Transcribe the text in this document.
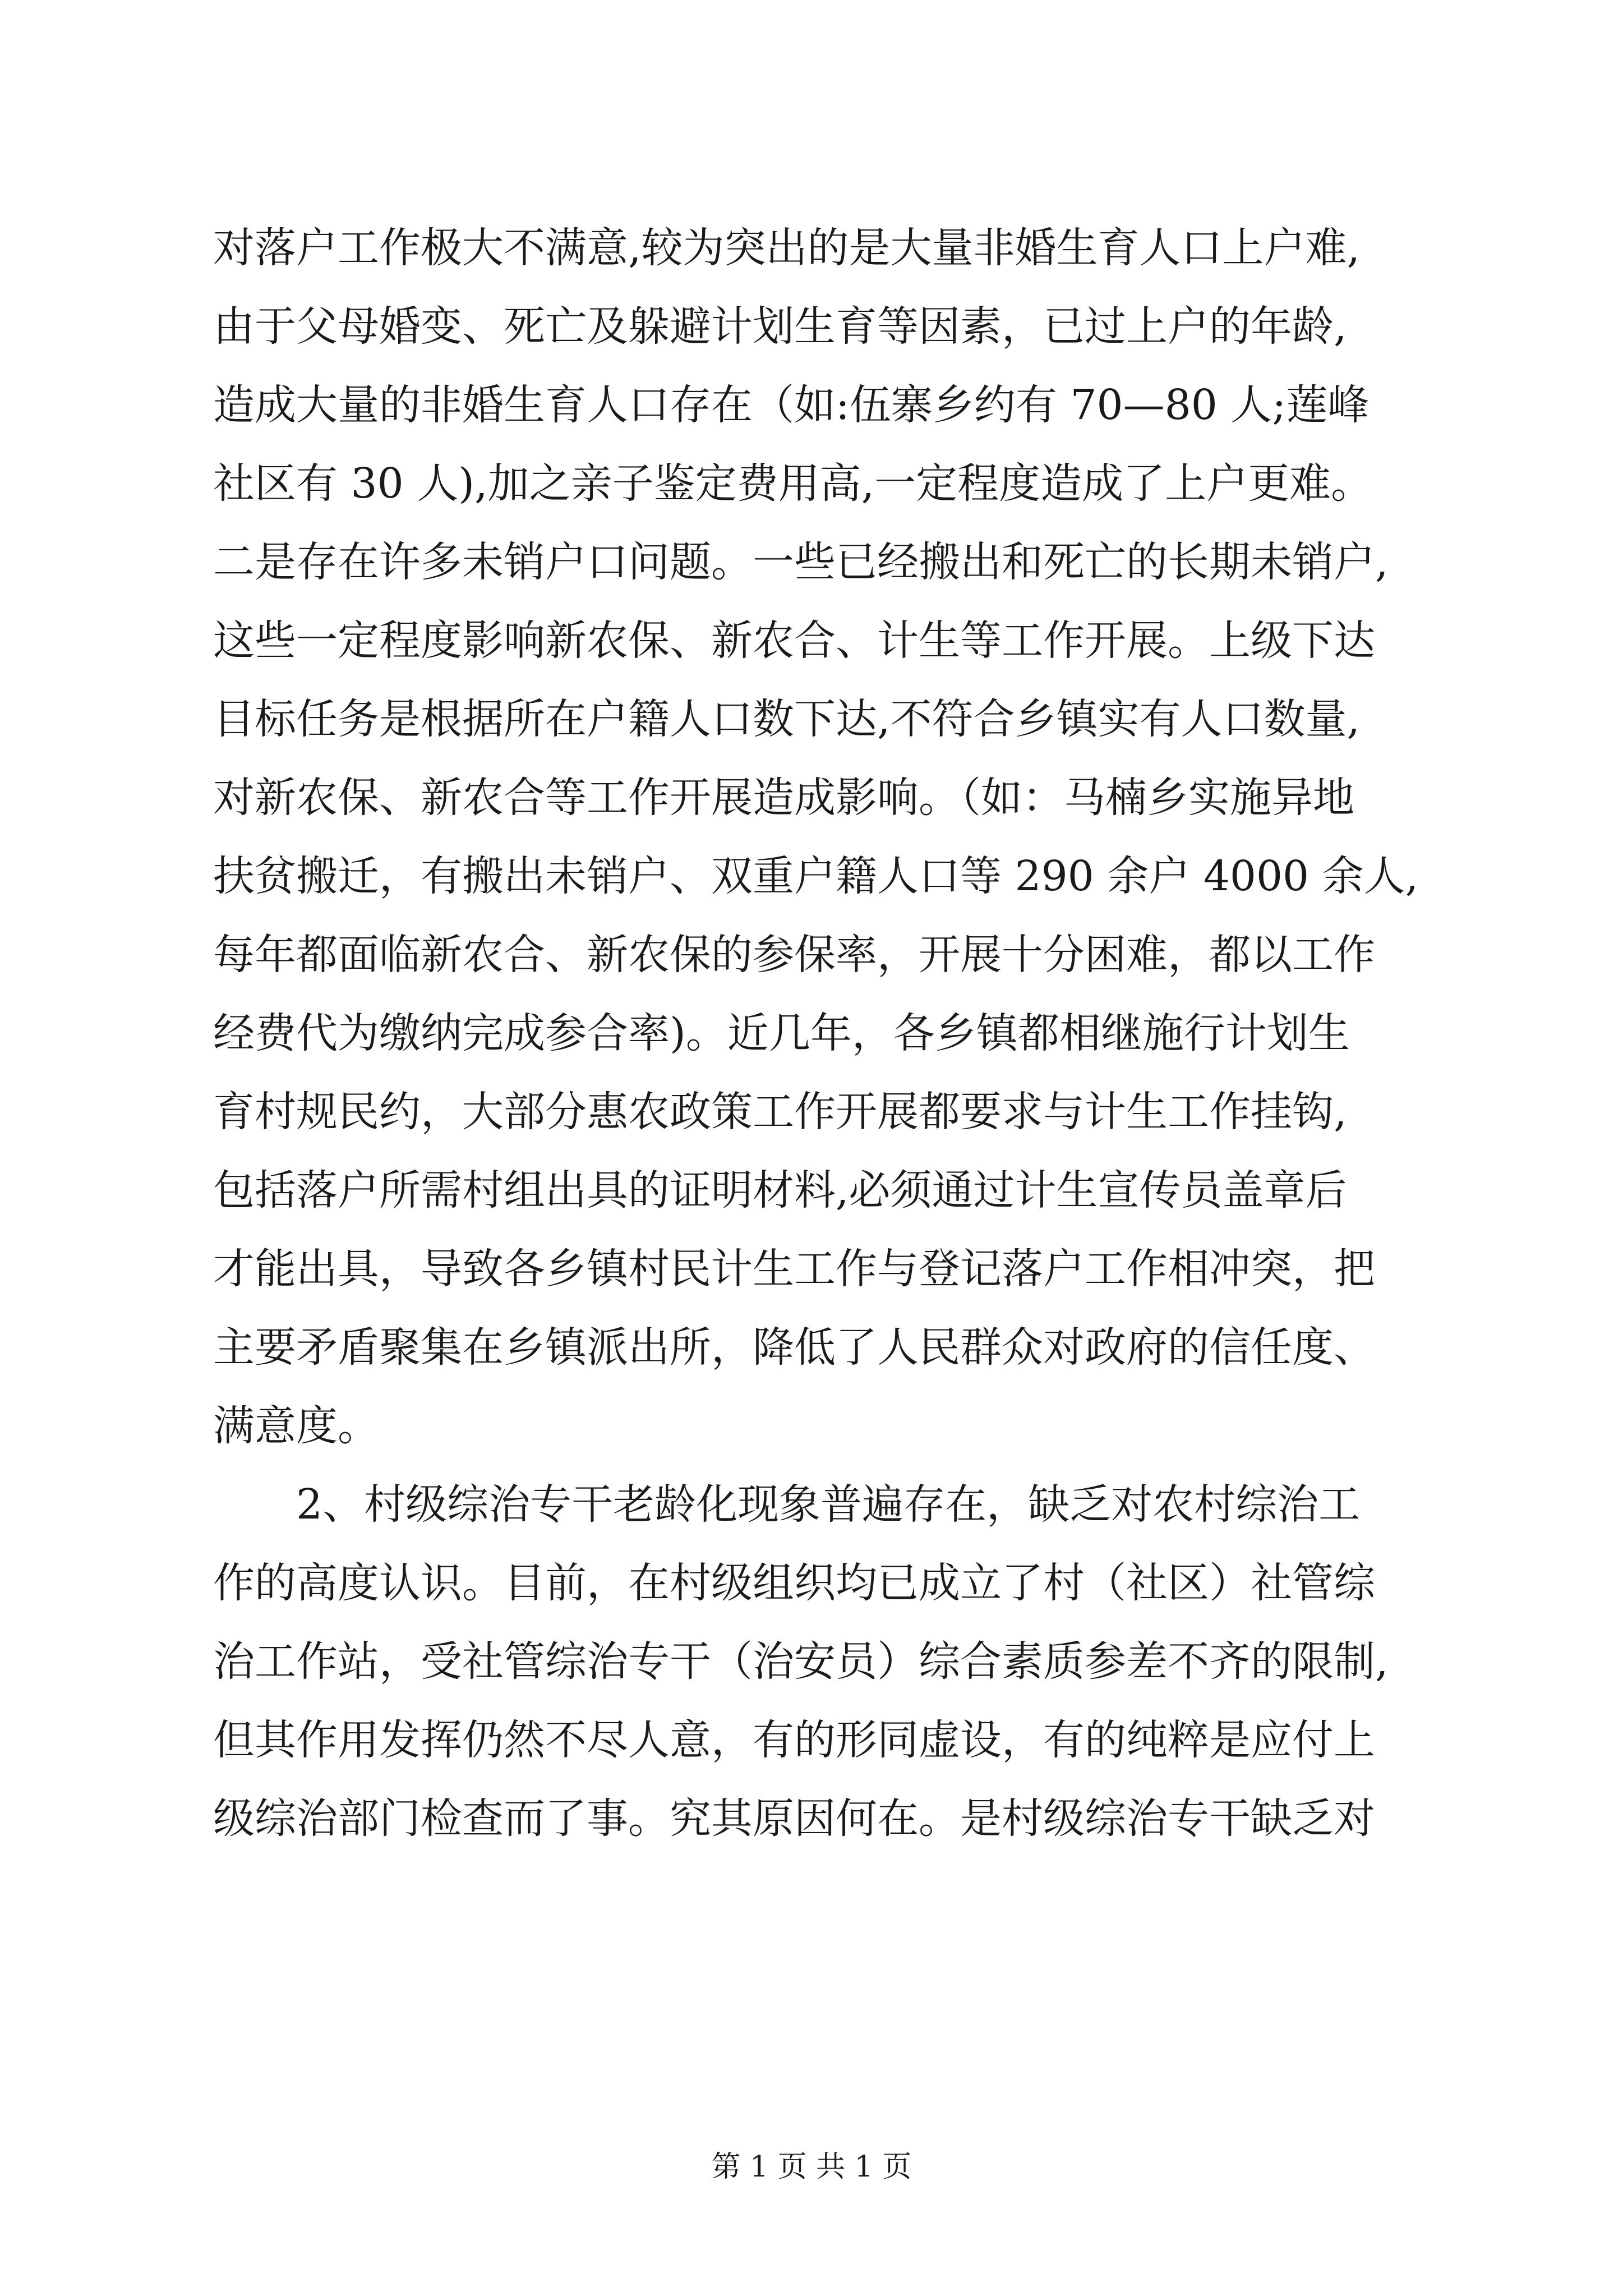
对落户工作极大不满意,较为突出的是大量非婚生育人口上户难,
由于父母婚变、死亡及躲避计划生育等因素，已过上户的年龄,
造成大量的非婚生育人口存在（如:伍寨乡约有 70—80 人;莲峰
社区有 30 人),加之亲子鉴定费用高,一定程度造成了上户更难。
二是存在许多未销户口问题。一些已经搬出和死亡的长期未销户,
这些一定程度影响新农保、新农合、计生等工作开展。上级下达
目标任务是根据所在户籍人口数下达,不符合乡镇实有人口数量,
对新农保、新农合等工作开展造成影响。（如：马楠乡实施异地
扶贫搬迁，有搬出未销户、双重户籍人口等 290 余户 4000 余人,
每年都面临新农合、新农保的参保率，开展十分困难，都以工作
经费代为缴纳完成参合率)。近几年，各乡镇都相继施行计划生
育村规民约，大部分惠农政策工作开展都要求与计生工作挂钩,
包括落户所需村组出具的证明材料,必须通过计生宣传员盖章后
才能出具，导致各乡镇村民计生工作与登记落户工作相冲突，把
主要矛盾聚集在乡镇派出所，降低了人民群众对政府的信任度、
满意度。
　　2、村级综治专干老龄化现象普遍存在，缺乏对农村综治工
作的高度认识。目前，在村级组织均已成立了村（社区）社管综
治工作站，受社管综治专干（治安员）综合素质参差不齐的限制,
但其作用发挥仍然不尽人意，有的形同虚设，有的纯粹是应付上
级综治部门检查而了事。究其原因何在。是村级综治专干缺乏对
第 1 页 共 1 页
